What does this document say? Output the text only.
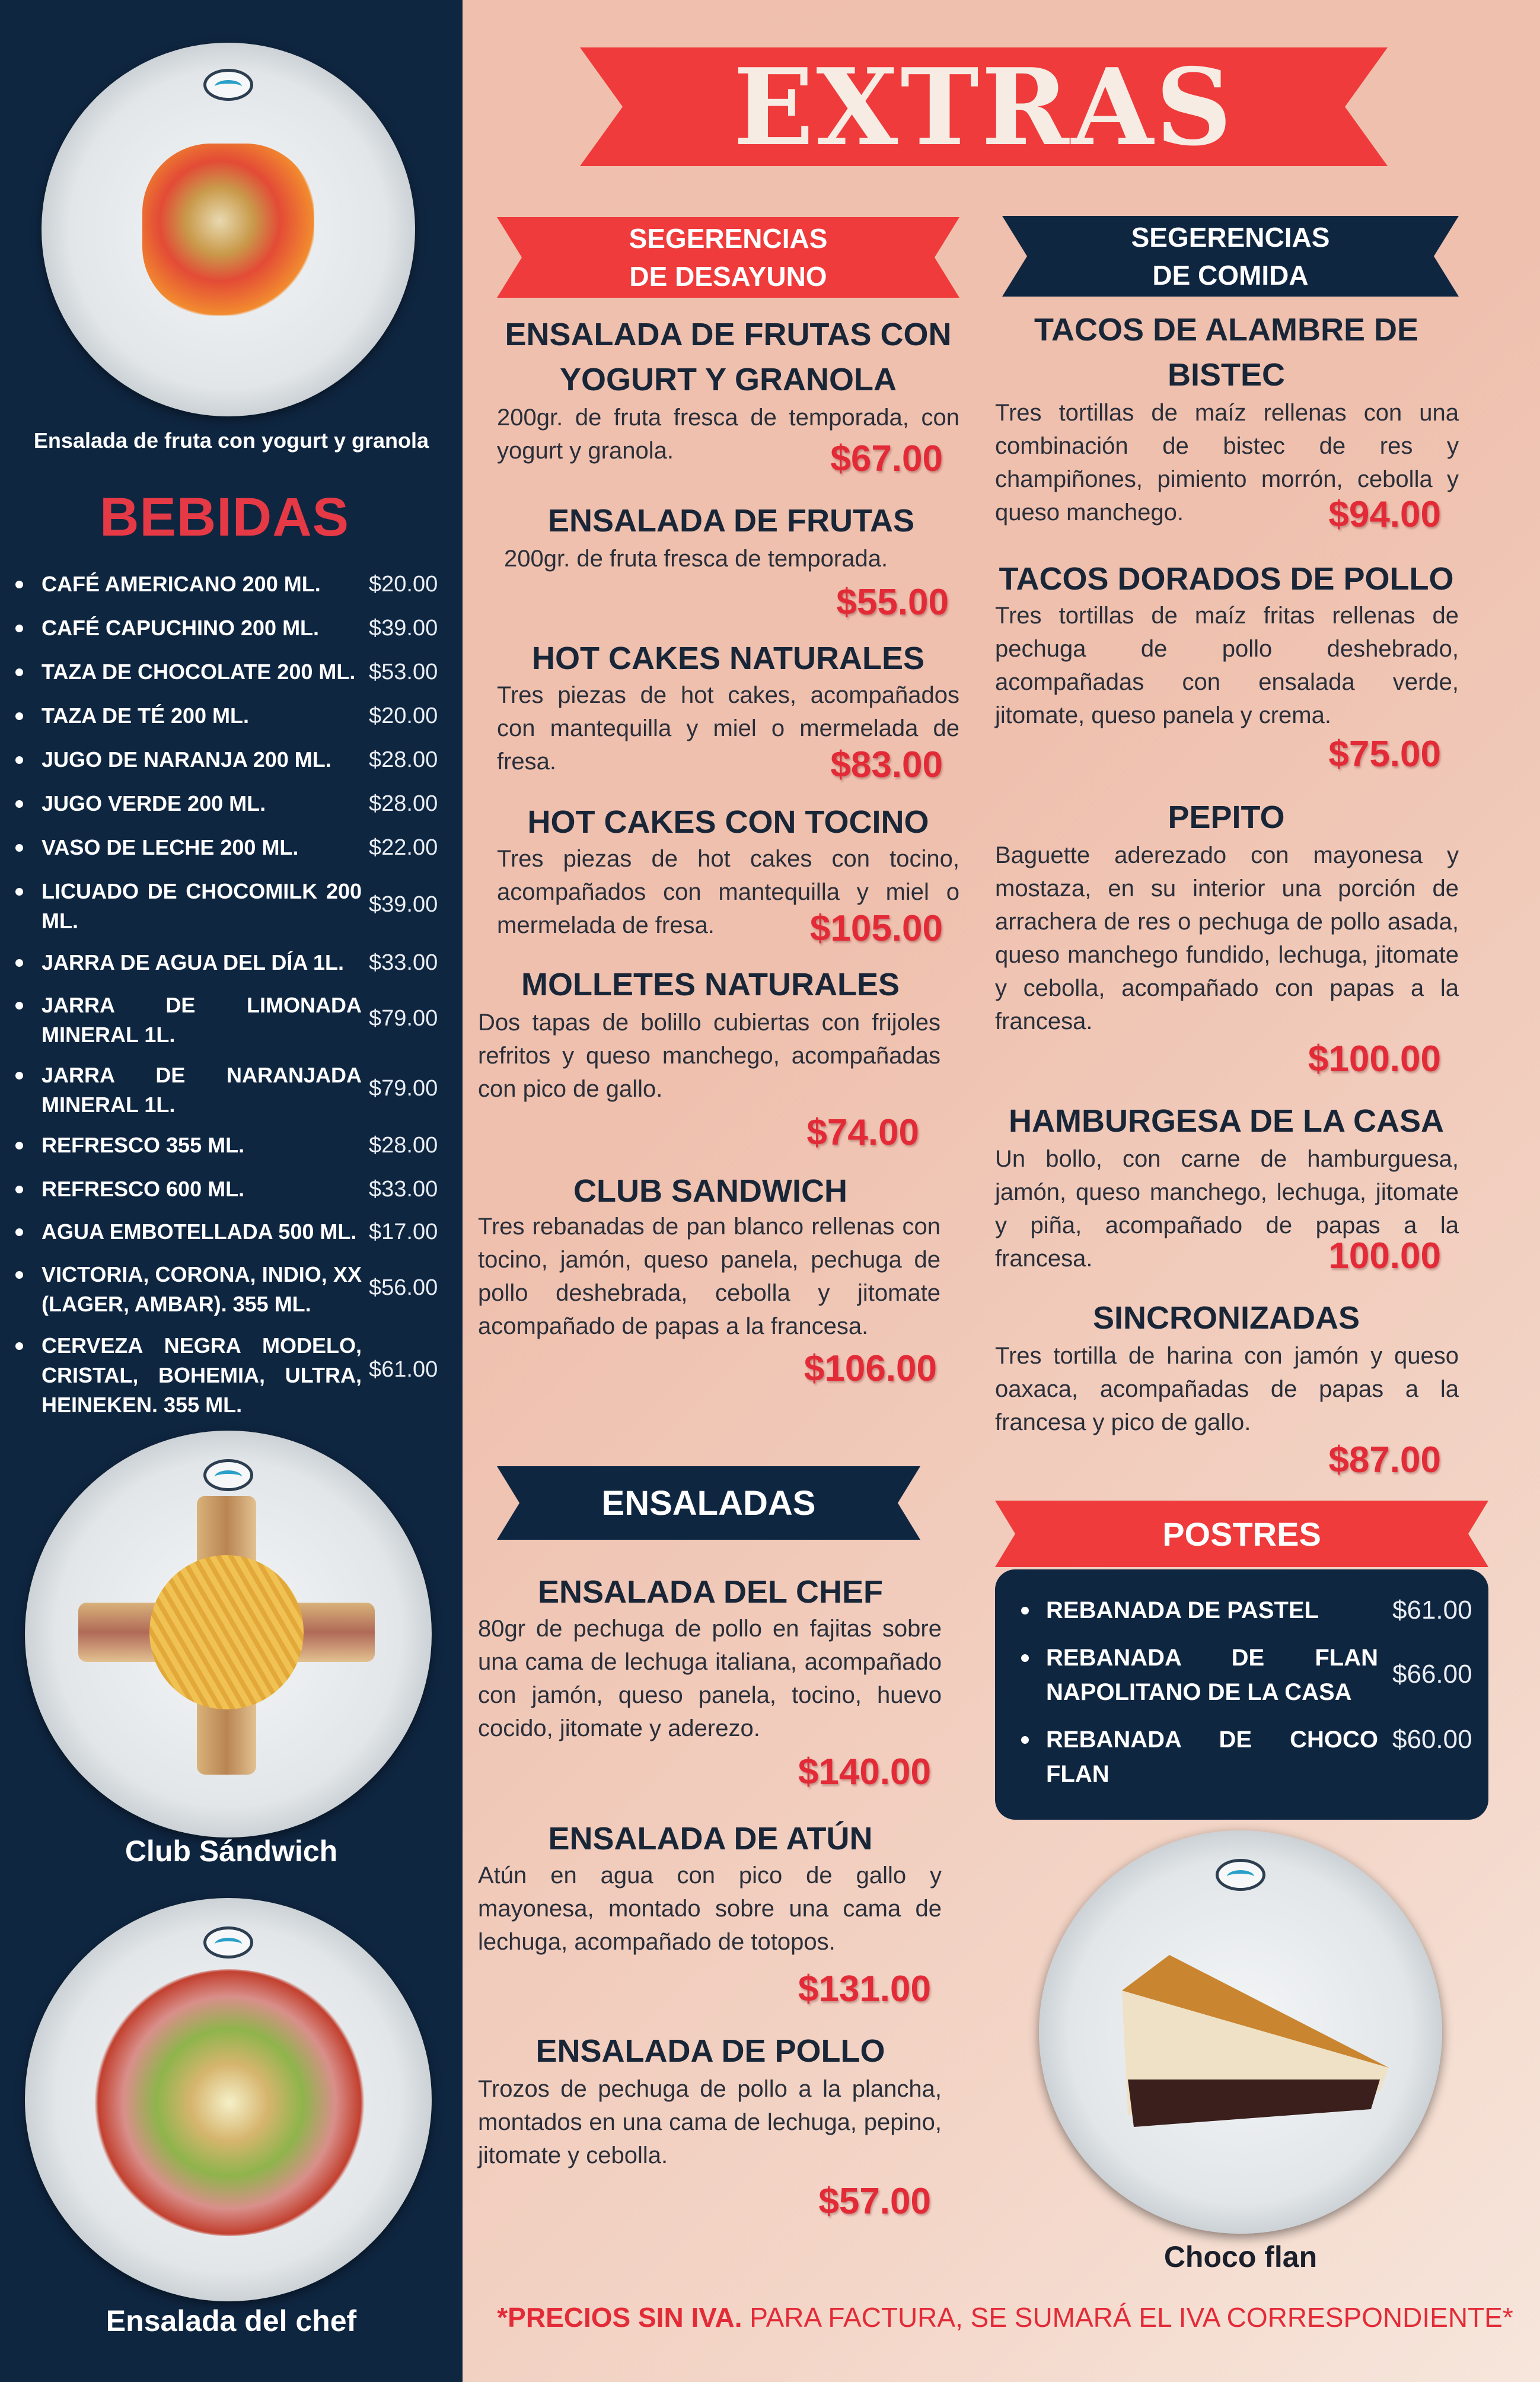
Ensalada de fruta con yogurt y granola
BEBIDAS
CAFÉ AMERICANO 200 ML.	$20.00
CAFÉ CAPUCHINO 200 ML.	$39.00
TAZA DE CHOCOLATE 200 ML. $53.00
TAZA DE TÉ 200 ML.	$20.00
JUGO DE NARANJA 200 ML.	$28.00
JUGO VERDE 200 ML.	$28.00
VASO DE LECHE 200 ML.	$22.00
LICUADO DE CHOCOMILK 200 ML.
$39.00
JARRA DE AGUA DEL DÍA 1L.	$33.00
JARRA DE LIMONADA MINERAL 1L.
$79.00
JARRA DE NARANJADA MINERAL 1L.
$79.00
REFRESCO 355 ML.	$28.00
REFRESCO 600 ML.	$33.00
AGUA EMBOTELLADA 500 ML. $17.00
VICTORIA, CORONA, INDIO, XX (LAGER, AMBAR). 355 ML.
$56.00
CERVEZA NEGRA MODELO, CRISTAL, BOHEMIA, ULTRA, HEINEKEN. 355 ML.
$61.00
Club Sándwich
Ensalada del chef
EXTRAS
SEGERENCIAS DE DESAYUNO
ENSALADA DE FRUTAS CON YOGURT Y GRANOLA
200gr. de fruta fresca de temporada, con yogurt y granola.	$67.00
ENSALADA DE FRUTAS
200gr. de fruta fresca de temporada.
$55.00
HOT CAKES NATURALES
Tres piezas de hot cakes, acompañados con mantequilla y miel o mermelada de fresa.	$83.00
HOT CAKES CON TOCINO
Tres piezas de hot cakes con tocino, acompañados con mantequilla y miel o mermelada de fresa.	$105.00
MOLLETES NATURALES
Dos tapas de bolillo cubiertas con frijoles refritos y queso manchego, acompañadas con pico de gallo.
$74.00
CLUB SANDWICH
Tres rebanadas de pan blanco rellenas con tocino, jamón, queso panela, pechuga de pollo deshebrada, cebolla y jitomate acompañado de papas a la francesa.
$106.00
SEGERENCIAS DE COMIDA
TACOS DE ALAMBRE DE BISTEC
Tres tortillas de maíz rellenas con una combinación de bistec de res y champiñones, pimiento morrón, cebolla y queso manchego.	$94.00
TACOS DORADOS DE POLLO
Tres tortillas de maíz fritas rellenas de pechuga de pollo deshebrado, acompañadas con ensalada verde, jitomate, queso panela y crema.
$75.00
PEPITO
Baguette aderezado con mayonesa y mostaza, en su interior una porción de arrachera de res o pechuga de pollo asada, queso manchego fundido, lechuga, jitomate y cebolla, acompañado con papas a la francesa.
$100.00
HAMBURGESA DE LA CASA
Un bollo, con carne de hamburguesa, jamón, queso manchego, lechuga, jitomate y piña, acompañado de papas a la francesa.	100.00
SINCRONIZADAS
Tres tortilla de harina con jamón y queso oaxaca, acompañadas de papas a la francesa y pico de gallo.
$87.00
ENSALADAS
ENSALADA DEL CHEF
80gr de pechuga de pollo en fajitas sobre una cama de lechuga italiana, acompañado con jamón, queso panela, tocino, huevo cocido, jitomate y aderezo.
$140.00
ENSALADA DE ATÚN
Atún en agua con pico de gallo y mayonesa, montado sobre una cama de lechuga, acompañado de totopos.
$131.00
ENSALADA DE POLLO
Trozos de pechuga de pollo a la plancha, montados en una cama de lechuga, pepino, jitomate y cebolla.
$57.00
POSTRES
REBANADA DE PASTEL	$61.00
REBANADA DE FLAN NAPOLITANO DE LA CASA
$66.00
REBANADA DE CHOCO FLAN
$60.00
Choco flan
*PRECIOS SIN IVA. PARA FACTURA, SE SUMARÁ EL IVA CORRESPONDIENTE*
